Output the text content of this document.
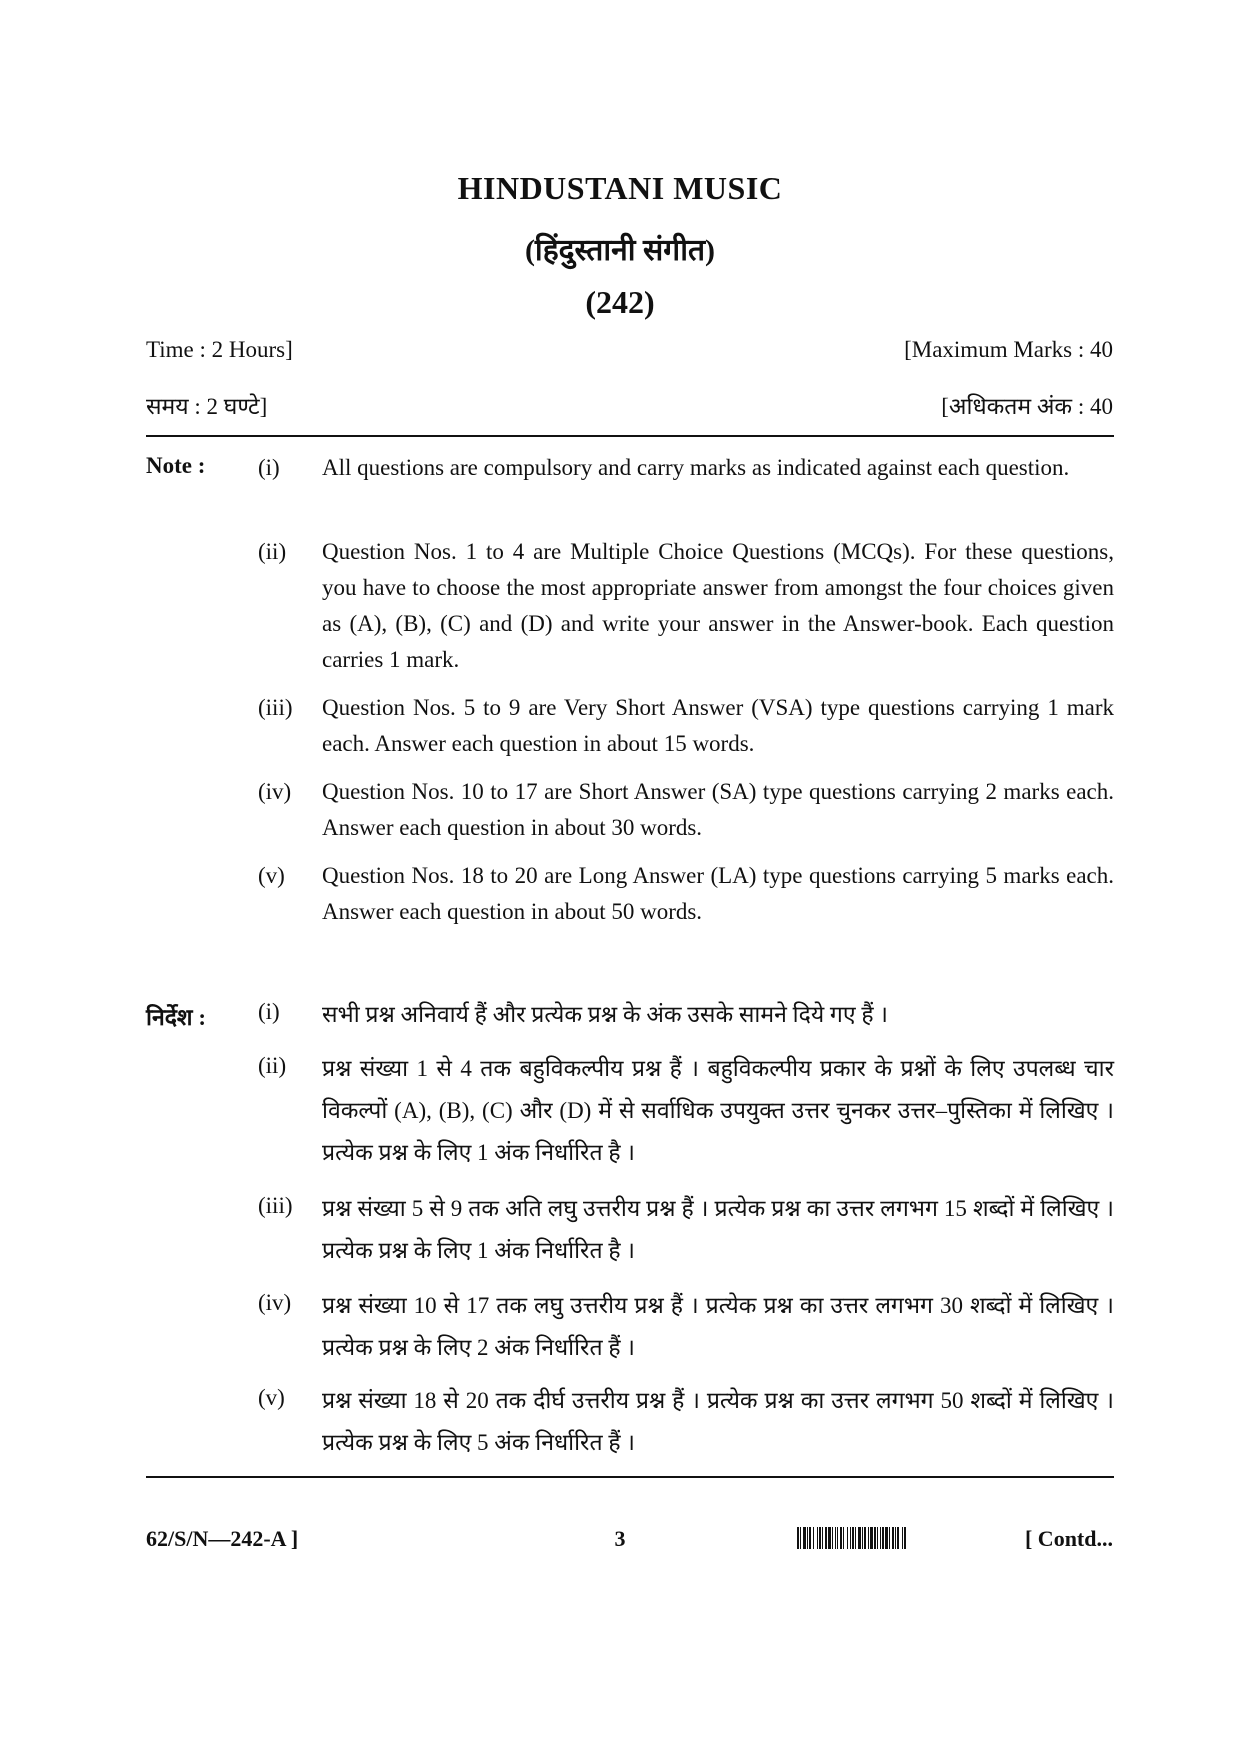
HINDUSTANI MUSIC
(हिंदुस्तानी संगीत)
(242)
Time : 2 Hours]	[Maximum Marks : 40
समय : 2 घण्टे]	[अधिकतम अंक : 40
Note : (i)	All questions are compulsory and carry marks as indicated against each question.
(ii)	Question Nos. 1 to 4 are Multiple Choice Questions (MCQs). For these questions, you have to choose the most appropriate answer from amongst the four choices given as (A), (B), (C) and (D) and write your answer in the Answer-book. Each question carries 1 mark.
(iii)	Question Nos. 5 to 9 are Very Short Answer (VSA) type questions carrying 1 mark each. Answer each question in about 15 words.
(iv)	Question Nos. 10 to 17 are Short Answer (SA) type questions carrying 2 marks each. Answer each question in about 30 words.
(v)	Question Nos. 18 to 20 are Long Answer (LA) type questions carrying 5 marks each. Answer each question in about 50 words.
निर्देश : (i)	सभी प्रश्न अनिवार्य हैं और प्रत्येक प्रश्न के अंक उसके सामने दिये गए हैं ।
(ii)	प्रश्न संख्या 1 से 4 तक बहुविकल्पीय प्रश्न हैं । बहुविकल्पीय प्रकार के प्रश्नों के लिए उपलब्ध चार विकल्पों (A), (B), (C) और (D) में से सर्वाधिक उपयुक्त उत्तर चुनकर उत्तर–पुस्तिका में लिखिए । प्रत्येक प्रश्न के लिए 1 अंक निर्धारित है ।
(iii)	प्रश्न संख्या 5 से 9 तक अति लघु उत्तरीय प्रश्न हैं । प्रत्येक प्रश्न का उत्तर लगभग 15 शब्दों में लिखिए । प्रत्येक प्रश्न के लिए 1 अंक निर्धारित है ।
(iv)	प्रश्न संख्या 10 से 17 तक लघु उत्तरीय प्रश्न हैं । प्रत्येक प्रश्न का उत्तर लगभग 30 शब्दों में लिखिए । प्रत्येक प्रश्न के लिए 2 अंक निर्धारित हैं ।
(v)	प्रश्न संख्या 18 से 20 तक दीर्घ उत्तरीय प्रश्न हैं । प्रत्येक प्रश्न का उत्तर लगभग 50 शब्दों में लिखिए । प्रत्येक प्रश्न के लिए 5 अंक निर्धारित हैं ।
62/S/N—242-A ]	3	[ Contd...
